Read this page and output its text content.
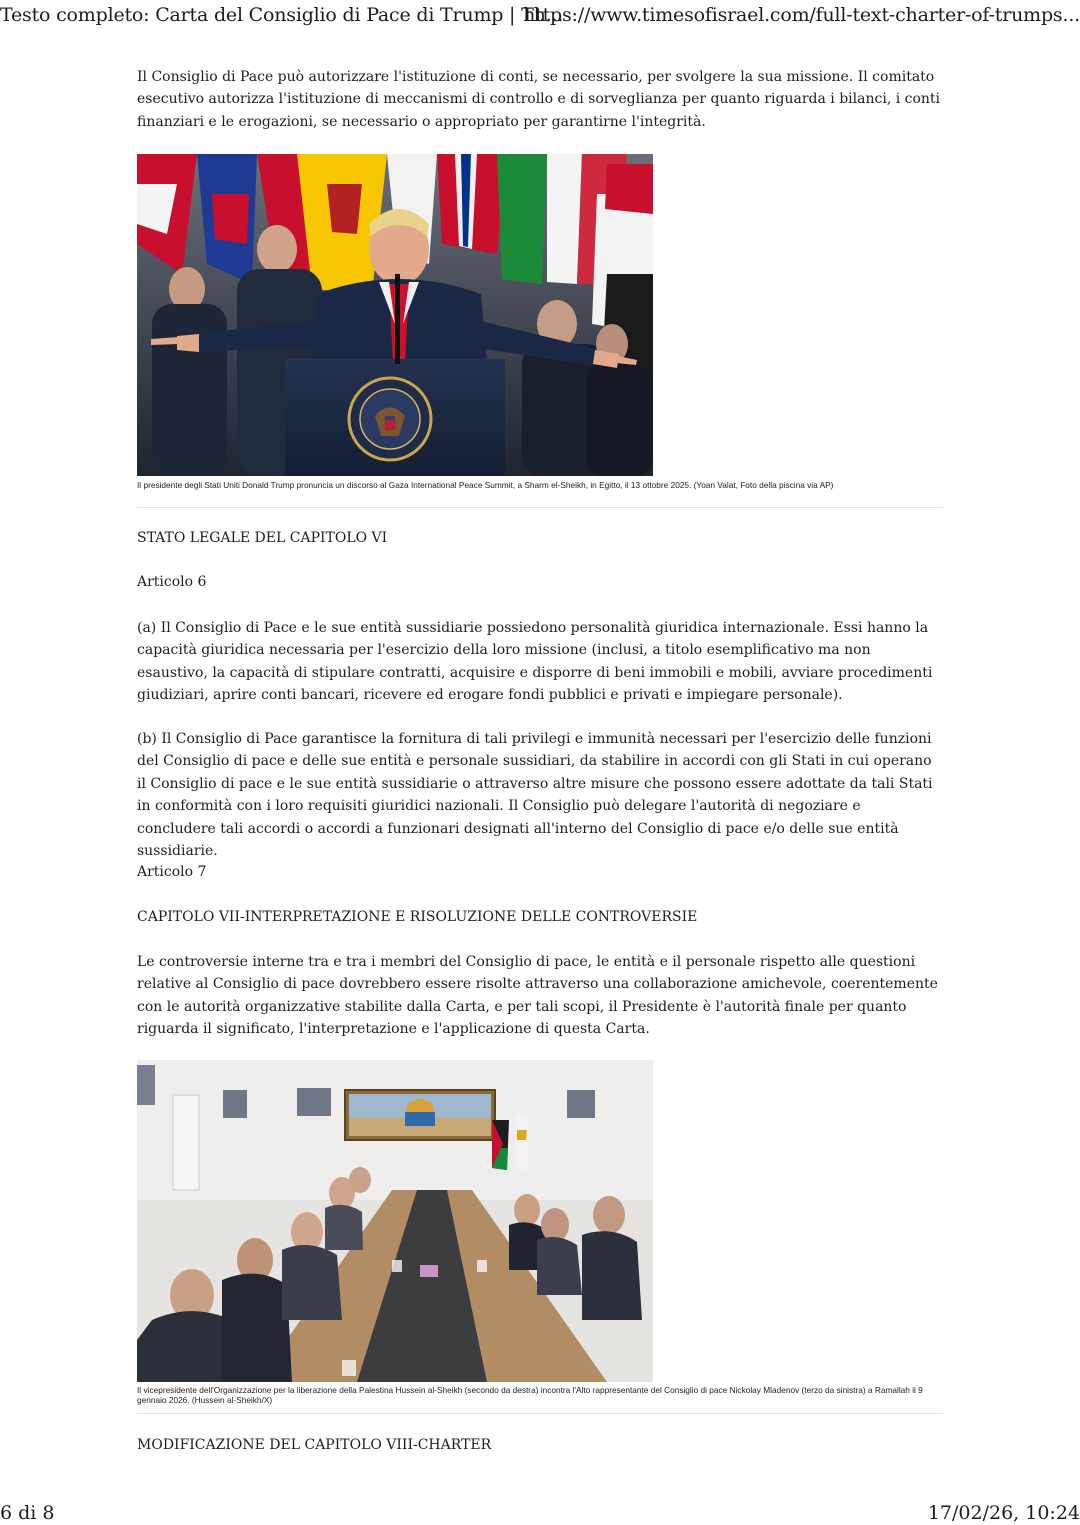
Testo completo: Carta del Consiglio di Pace di Trump | Th...
https://www.timesofisrael.com/full-text-charter-of-trumps...

Il Consiglio di Pace può autorizzare l'istituzione di conti, se necessario, per svolgere la sua missione. Il comitato esecutivo autorizza l'istituzione di meccanismi di controllo e di sorveglianza per quanto riguarda i bilanci, i conti finanziari e le erogazioni, se necessario o appropriato per garantirne l'integrità.

Il presidente degli Stati Uniti Donald Trump pronuncia un discorso al Gaza International Peace Summit, a Sharm el-Sheikh, in Egitto, il 13 ottobre 2025. (Yoan Valat, Foto della piscina via AP)

STATO LEGALE DEL CAPITOLO VI

Articolo 6

(a) Il Consiglio di Pace e le sue entità sussidiarie possiedono personalità giuridica internazionale. Essi hanno la capacità giuridica necessaria per l'esercizio della loro missione (inclusi, a titolo esemplificativo ma non esaustivo, la capacità di stipulare contratti, acquisire e disporre di beni immobili e mobili, avviare procedimenti giudiziari, aprire conti bancari, ricevere ed erogare fondi pubblici e privati e impiegare personale).

(b) Il Consiglio di Pace garantisce la fornitura di tali privilegi e immunità necessari per l'esercizio delle funzioni del Consiglio di pace e delle sue entità e personale sussidiari, da stabilire in accordi con gli Stati in cui operano il Consiglio di pace e le sue entità sussidiarie o attraverso altre misure che possono essere adottate da tali Stati in conformità con i loro requisiti giuridici nazionali. Il Consiglio può delegare l'autorità di negoziare e concludere tali accordi o accordi a funzionari designati all'interno del Consiglio di pace e/o delle sue entità sussidiarie.

Articolo 7

CAPITOLO VII-INTERPRETAZIONE E RISOLUZIONE DELLE CONTROVERSIE

Le controversie interne tra e tra i membri del Consiglio di pace, le entità e il personale rispetto alle questioni relative al Consiglio di pace dovrebbero essere risolte attraverso una collaborazione amichevole, coerentemente con le autorità organizzative stabilite dalla Carta, e per tali scopi, il Presidente è l'autorità finale per quanto riguarda il significato, l'interpretazione e l'applicazione di questa Carta.

Il vicepresidente dell'Organizzazione per la liberazione della Palestina Hussein al-Sheikh (secondo da destra) incontra l'Alto rappresentante del Consiglio di pace Nickolay Mladenov (terzo da sinistra) a Ramallah il 9 gennaio 2026. (Hussein al-Sheikh/X)

MODIFICAZIONE DEL CAPITOLO VIII-CHARTER

6 di 8	17/02/26, 10:24
